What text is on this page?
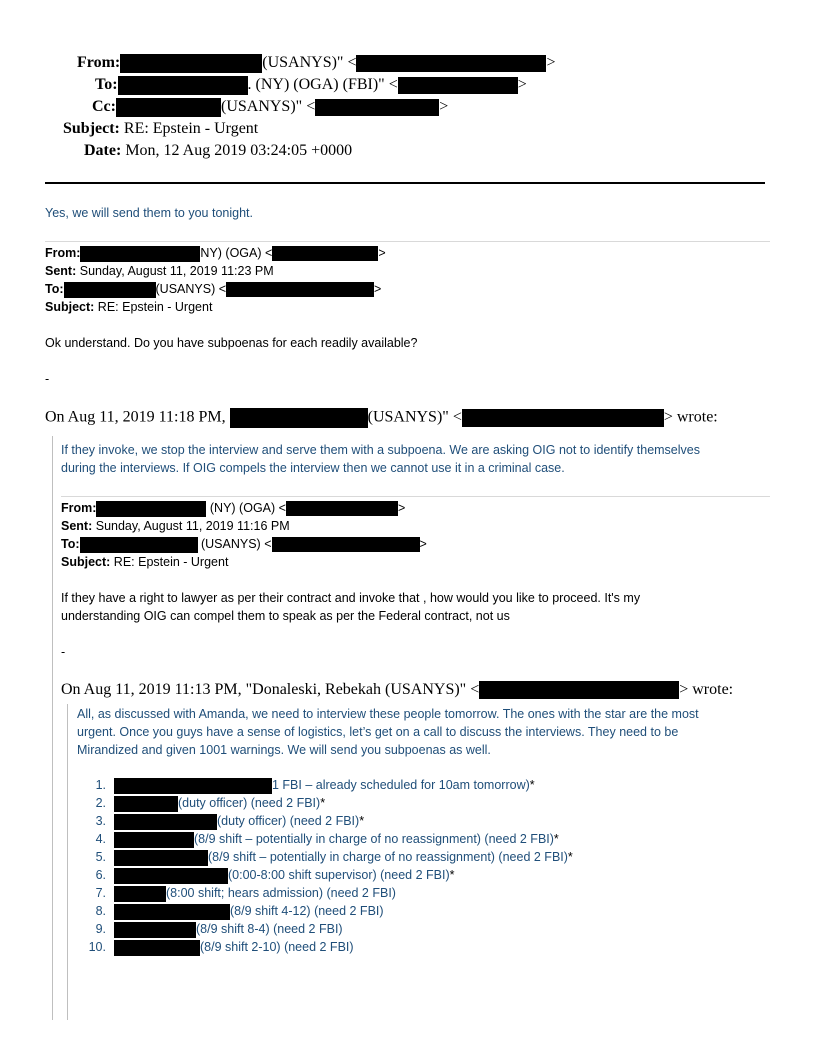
From:	(USANYS)" <	>
To:	. (NY) (OGA) (FBI)" <	>
Cc:	(USANYS)" <	>
Subject: RE: Epstein - Urgent
Date: Mon, 12 Aug 2019 03:24:05 +0000
Yes, we will send them to you tonight.
From:	NY) (OGA) <	>
Sent: Sunday, August 11, 2019 11:23 PM
To:	(USANYS) <	>
Subject: RE: Epstein - Urgent
Ok understand. Do you have subpoenas for each readily available?
-
On Aug 11, 2019 11:18 PM,	(USANYS)" <	> wrote:
If they invoke, we stop the interview and serve them with a subpoena. We are asking OIG not to identify themselves
during the interviews. If OIG compels the interview then we cannot use it in a criminal case.
From:	(NY) (OGA) <	>
Sent: Sunday, August 11, 2019 11:16 PM
To:	(USANYS) <	>
Subject: RE: Epstein - Urgent
If they have a right to lawyer as per their contract and invoke that , how would you like to proceed. It's my
understanding OIG can compel them to speak as per the Federal contract, not us
-
On Aug 11, 2019 11:13 PM, "Donaleski, Rebekah (USANYS)" <	> wrote:
All, as discussed with Amanda, we need to interview these people tomorrow. The ones with the star are the most
urgent. Once you guys have a sense of logistics, let’s get on a call to discuss the interviews. They need to be
Mirandized and given 1001 warnings. We will send you subpoenas as well.
1.	1 FBI – already scheduled for 10am tomorrow)*
2.	(duty officer) (need 2 FBI)*
3.	(duty officer) (need 2 FBI)*
4.	(8/9 shift – potentially in charge of no reassignment) (need 2 FBI)*
5.	(8/9 shift – potentially in charge of no reassignment) (need 2 FBI)*
6.	(0:00-8:00 shift supervisor) (need 2 FBI)*
7.	(8:00 shift; hears admission) (need 2 FBI)
8.	(8/9 shift 4-12) (need 2 FBI)
9.	(8/9 shift 8-4) (need 2 FBI)
10.	(8/9 shift 2-10) (need 2 FBI)
